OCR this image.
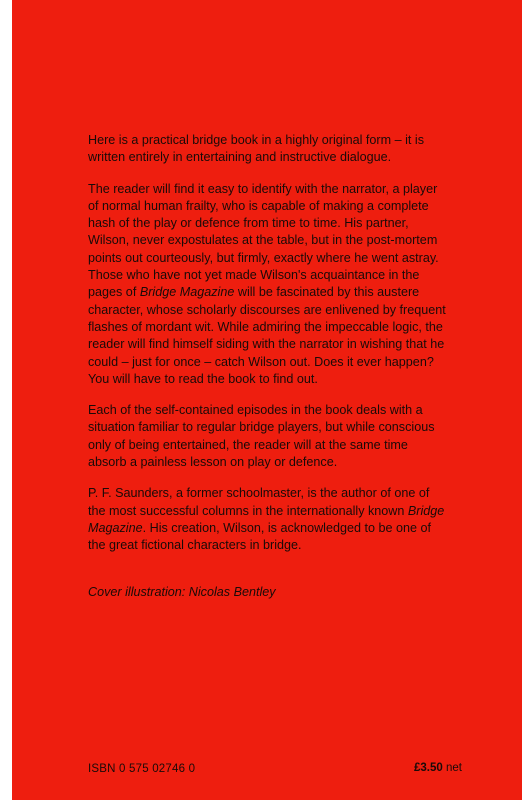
Here is a practical bridge book in a highly original form – it is written entirely in entertaining and instructive dialogue.

The reader will find it easy to identify with the narrator, a player of normal human frailty, who is capable of making a complete hash of the play or defence from time to time. His partner, Wilson, never expostulates at the table, but in the post-mortem points out courteously, but firmly, exactly where he went astray. Those who have not yet made Wilson's acquaintance in the pages of Bridge Magazine will be fascinated by this austere character, whose scholarly discourses are enlivened by frequent flashes of mordant wit. While admiring the impeccable logic, the reader will find himself siding with the narrator in wishing that he could – just for once – catch Wilson out. Does it ever happen? You will have to read the book to find out.

Each of the self-contained episodes in the book deals with a situation familiar to regular bridge players, but while conscious only of being entertained, the reader will at the same time absorb a painless lesson on play or defence.

P. F. Saunders, a former schoolmaster, is the author of one of the most successful columns in the internationally known Bridge Magazine. His creation, Wilson, is acknowledged to be one of the great fictional characters in bridge.

Cover illustration: Nicolas Bentley
ISBN 0 575 02746 0	£3.50 net
